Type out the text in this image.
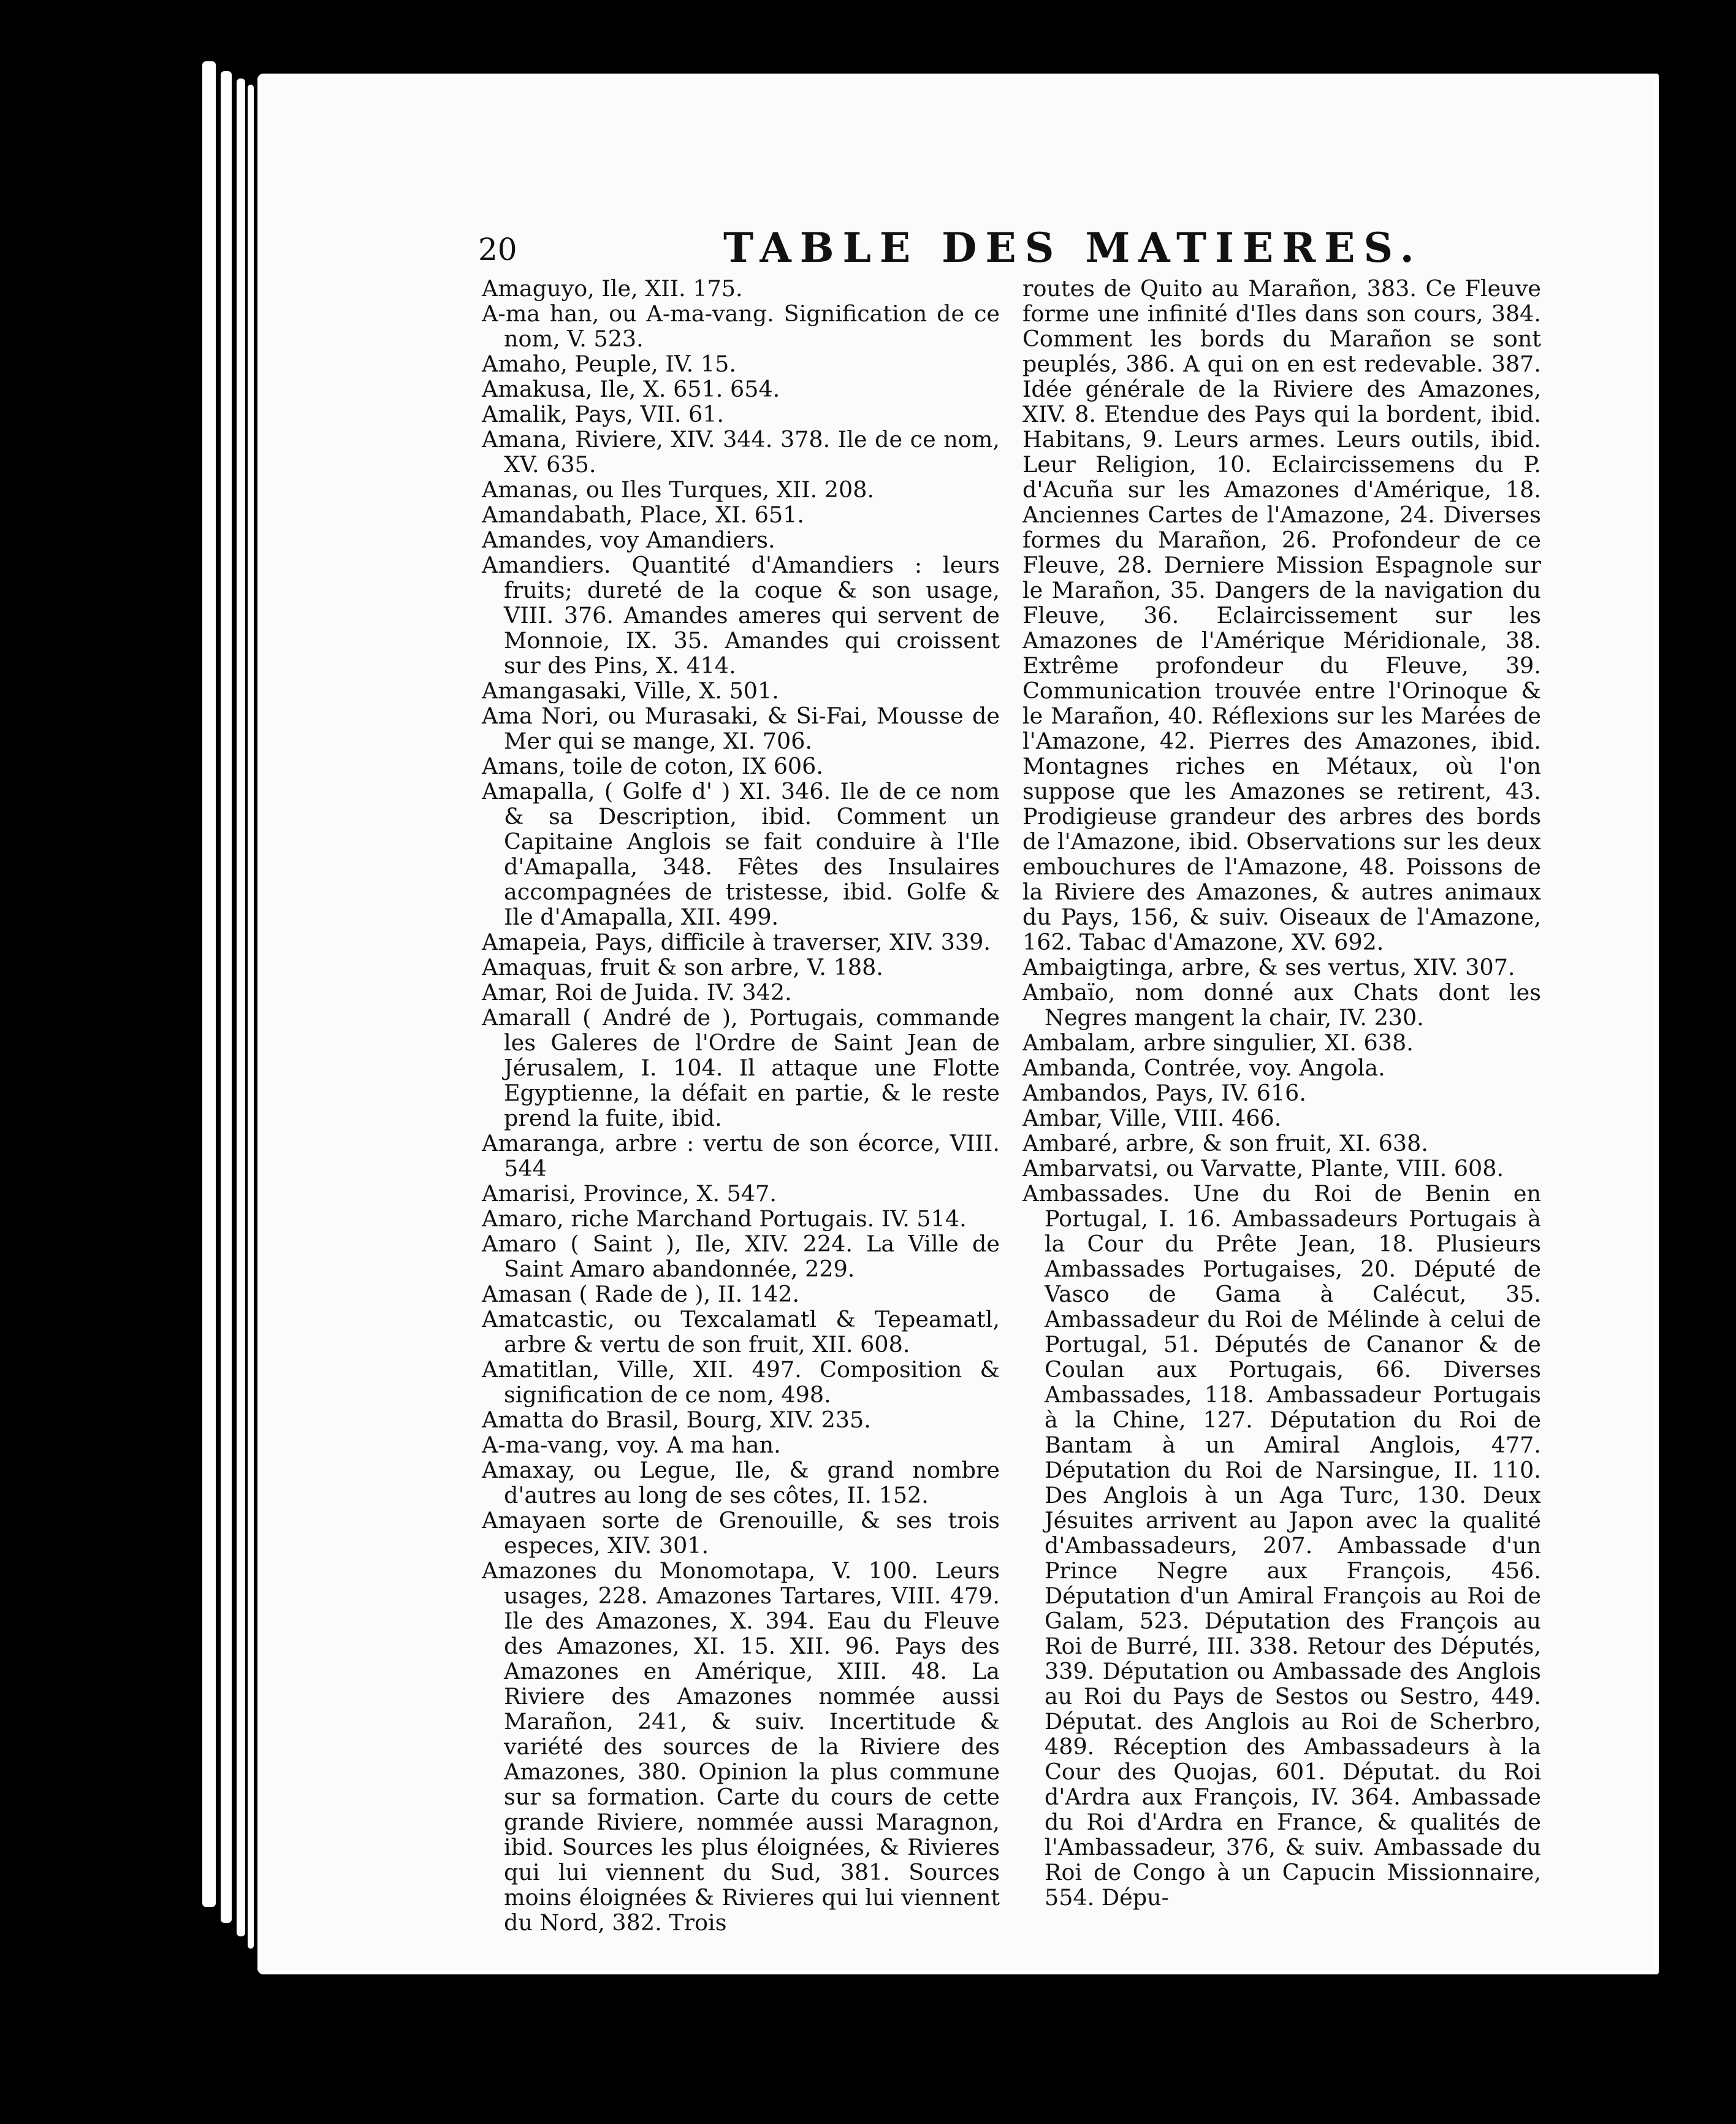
20	TABLE DES MATIERES.

Amaguyo, Ile, XII. 175.

A-ma han, ou A-ma-vang. Signification de ce nom, V. 523.

Amaho, Peuple, IV. 15.

Amakusa, Ile, X. 651. 654.

Amalik, Pays, VII. 61.

Amana, Riviere, XIV. 344. 378. Ile de ce nom, XV. 635.

Amanas, ou Iles Turques, XII. 208.

Amandabath, Place, XI. 651.

Amandes, voy Amandiers.

Amandiers. Quantité d'Amandiers : leurs fruits; dureté de la coque & son usage, VIII. 376. Amandes ameres qui servent de Monnoie, IX. 35. Amandes qui croissent sur des Pins, X. 414.

Amangasaki, Ville, X. 501.

Ama Nori, ou Murasaki, & Si-Fai, Mousse de Mer qui se mange, XI. 706.

Amans, toile de coton, IX 606.

Amapalla, ( Golfe d' ) XI. 346. Ile de ce nom & sa Description, ibid. Comment un Capitaine Anglois se fait conduire à l'Ile d'Amapalla, 348. Fêtes des Insulaires accompagnées de tristesse, ibid. Golfe & Ile d'Amapalla, XII. 499.

Amapeia, Pays, difficile à traverser, XIV. 339.

Amaquas, fruit & son arbre, V. 188.

Amar, Roi de Juida. IV. 342.

Amarall ( André de ), Portugais, commande les Galeres de l'Ordre de Saint Jean de Jérusalem, I. 104. Il attaque une Flotte Egyptienne, la défait en partie, & le reste prend la fuite, ibid.

Amaranga, arbre : vertu de son écorce, VIII. 544

Amarisi, Province, X. 547.

Amaro, riche Marchand Portugais. IV. 514.

Amaro ( Saint ), Ile, XIV. 224. La Ville de Saint Amaro abandonnée, 229.

Amasan ( Rade de ), II. 142.

Amatcastic, ou Texcalamatl & Tepeamatl, arbre & vertu de son fruit, XII. 608.

Amatitlan, Ville, XII. 497. Composition & signification de ce nom, 498.

Amatta do Brasil, Bourg, XIV. 235.

A-ma-vang, voy. A ma han.

Amaxay, ou Legue, Ile, & grand nombre d'autres au long de ses côtes, II. 152.

Amayaen sorte de Grenouille, & ses trois especes, XIV. 301.

Amazones du Monomotapa, V. 100. Leurs usages, 228. Amazones Tartares, VIII. 479. Ile des Amazones, X. 394. Eau du Fleuve des Amazones, XI. 15. XII. 96. Pays des Amazones en Amérique, XIII. 48. La Riviere des Amazones nommée aussi Marañon, 241, & suiv. Incertitude & variété des sources de la Riviere des Amazones, 380. Opinion la plus commune sur sa formation. Carte du cours de cette grande Riviere, nommée aussi Maragnon, ibid. Sources les plus éloignées, & Rivieres qui lui viennent du Sud, 381. Sources moins éloignées & Rivieres qui lui viennent du Nord, 382. Trois

routes de Quito au Marañon, 383. Ce Fleuve forme une infinité d'Iles dans son cours, 384. Comment les bords du Marañon se sont peuplés, 386. A qui on en est redevable. 387. Idée générale de la Riviere des Amazones, XIV. 8. Etendue des Pays qui la bordent, ibid. Habitans, 9. Leurs armes. Leurs outils, ibid. Leur Religion, 10. Eclaircissemens du P. d'Acuña sur les Amazones d'Amérique, 18. Anciennes Cartes de l'Amazone, 24. Diverses formes du Marañon, 26. Profondeur de ce Fleuve, 28. Derniere Mission Espagnole sur le Marañon, 35. Dangers de la navigation du Fleuve, 36. Eclaircissement sur les Amazones de l'Amérique Méridionale, 38. Extrême profondeur du Fleuve, 39. Communication trouvée entre l'Orinoque & le Marañon, 40. Réflexions sur les Marées de l'Amazone, 42. Pierres des Amazones, ibid. Montagnes riches en Métaux, où l'on suppose que les Amazones se retirent, 43. Prodigieuse grandeur des arbres des bords de l'Amazone, ibid. Observations sur les deux embouchures de l'Amazone, 48. Poissons de la Riviere des Amazones, & autres animaux du Pays, 156, & suiv. Oiseaux de l'Amazone, 162. Tabac d'Amazone, XV. 692.

Ambaigtinga, arbre, & ses vertus, XIV. 307.

Ambaïo, nom donné aux Chats dont les Negres mangent la chair, IV. 230.

Ambalam, arbre singulier, XI. 638.

Ambanda, Contrée, voy. Angola.

Ambandos, Pays, IV. 616.

Ambar, Ville, VIII. 466.

Ambaré, arbre, & son fruit, XI. 638.

Ambarvatsi, ou Varvatte, Plante, VIII. 608.

Ambassades. Une du Roi de Benin en Portugal, I. 16. Ambassadeurs Portugais à la Cour du Prête Jean, 18. Plusieurs Ambassades Portugaises, 20. Député de Vasco de Gama à Calécut, 35. Ambassadeur du Roi de Mélinde à celui de Portugal, 51. Députés de Cananor & de Coulan aux Portugais, 66. Diverses Ambassades, 118. Ambassadeur Portugais à la Chine, 127. Députation du Roi de Bantam à un Amiral Anglois, 477. Députation du Roi de Narsingue, II. 110. Des Anglois à un Aga Turc, 130. Deux Jésuites arrivent au Japon avec la qualité d'Ambassadeurs, 207. Ambassade d'un Prince Negre aux François, 456. Députation d'un Amiral François au Roi de Galam, 523. Députation des François au Roi de Burré, III. 338. Retour des Députés, 339. Députation ou Ambassade des Anglois au Roi du Pays de Sestos ou Sestro, 449. Députat. des Anglois au Roi de Scherbro, 489. Réception des Ambassadeurs à la Cour des Quojas, 601. Députat. du Roi d'Ardra aux François, IV. 364. Ambassade du Roi d'Ardra en France, & qualités de l'Ambassadeur, 376, & suiv. Ambassade du Roi de Congo à un Capucin Missionnaire, 554. Dépu-
